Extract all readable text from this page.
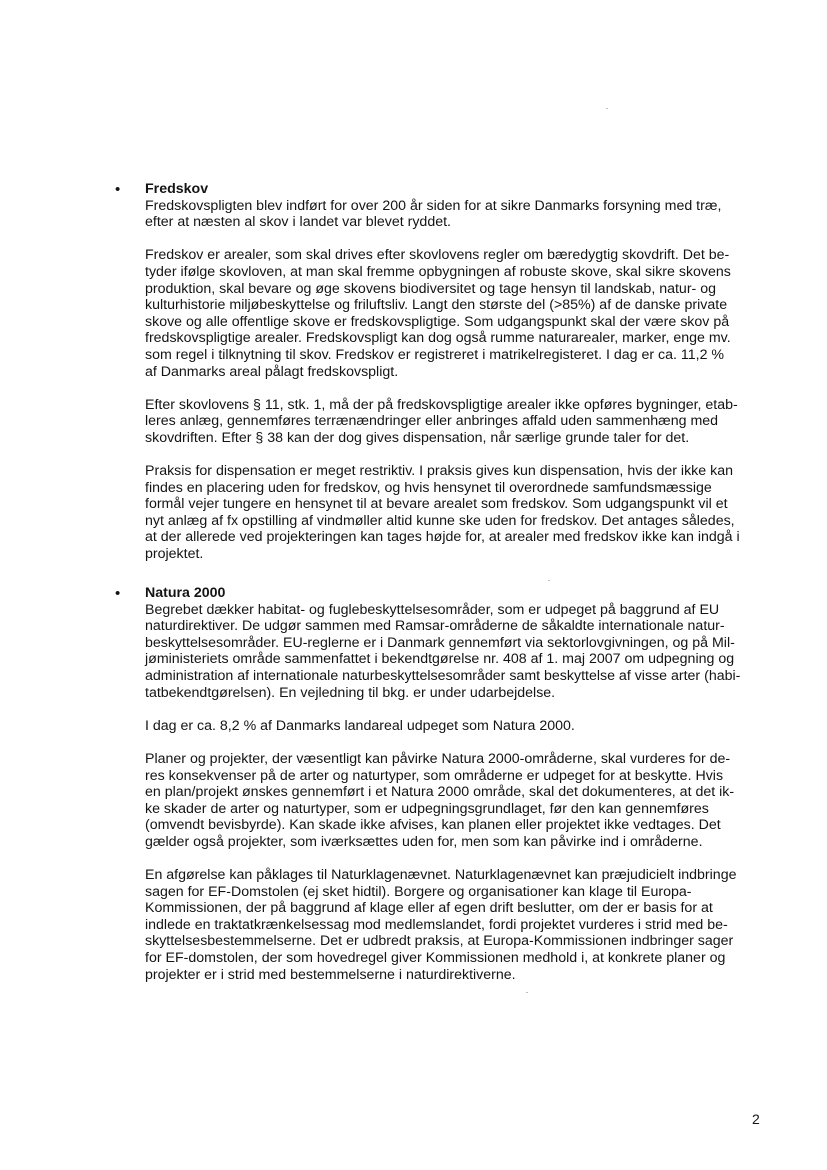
• Fredskov

Fredskovspligten blev indført for over 200 år siden for at sikre Danmarks forsyning med træ,
efter at næsten al skov i landet var blevet ryddet.

Fredskov er arealer, som skal drives efter skovlovens regler om bæredygtig skovdrift. Det be-
tyder ifølge skovloven, at man skal fremme opbygningen af robuste skove, skal sikre skovens
produktion, skal bevare og øge skovens biodiversitet og tage hensyn til landskab, natur- og
kulturhistorie miljøbeskyttelse og friluftsliv. Langt den største del (>85%) af de danske private
skove og alle offentlige skove er fredskovspligtige. Som udgangspunkt skal der være skov på
fredskovspligtige arealer. Fredskovspligt kan dog også rumme naturarealer, marker, enge mv.
som regel i tilknytning til skov. Fredskov er registreret i matrikelregisteret. I dag er ca. 11,2 %
af Danmarks areal pålagt fredskovspligt.

Efter skovlovens § 11, stk. 1, må der på fredskovspligtige arealer ikke opføres bygninger, etab-
leres anlæg, gennemføres terrænændringer eller anbringes affald uden sammenhæng med
skovdriften. Efter § 38 kan der dog gives dispensation, når særlige grunde taler for det.

Praksis for dispensation er meget restriktiv. I praksis gives kun dispensation, hvis der ikke kan
findes en placering uden for fredskov, og hvis hensynet til overordnede samfundsmæssige
formål vejer tungere en hensynet til at bevare arealet som fredskov. Som udgangspunkt vil et
nyt anlæg af fx opstilling af vindmøller altid kunne ske uden for fredskov. Det antages således,
at der allerede ved projekteringen kan tages højde for, at arealer med fredskov ikke kan indgå i
projektet.

• Natura 2000

Begrebet dækker habitat- og fuglebeskyttelsesområder, som er udpeget på baggrund af EU
naturdirektiver. De udgør sammen med Ramsar-områderne de såkaldte internationale natur-
beskyttelsesområder. EU-reglerne er i Danmark gennemført via sektorlovgivningen, og på Mil-
jøministeriets område sammenfattet i bekendtgørelse nr. 408 af 1. maj 2007 om udpegning og
administration af internationale naturbeskyttelsesområder samt beskyttelse af visse arter (habi-
tatbekendtgørelsen). En vejledning til bkg. er under udarbejdelse.

I dag er ca. 8,2 % af Danmarks landareal udpeget som Natura 2000.

Planer og projekter, der væsentligt kan påvirke Natura 2000-områderne, skal vurderes for de-
res konsekvenser på de arter og naturtyper, som områderne er udpeget for at beskytte. Hvis
en plan/projekt ønskes gennemført i et Natura 2000 område, skal det dokumenteres, at det ik-
ke skader de arter og naturtyper, som er udpegningsgrundlaget, før den kan gennemføres
(omvendt bevisbyrde). Kan skade ikke afvises, kan planen eller projektet ikke vedtages. Det
gælder også projekter, som iværksættes uden for, men som kan påvirke ind i områderne.

En afgørelse kan påklages til Naturklagenævnet. Naturklagenævnet kan præjudicielt indbringe
sagen for EF-Domstolen (ej sket hidtil). Borgere og organisationer kan klage til Europa-
Kommissionen, der på baggrund af klage eller af egen drift beslutter, om der er basis for at
indlede en traktatkrænkelsessag mod medlemslandet, fordi projektet vurderes i strid med be-
skyttelsesbestemmelserne. Det er udbredt praksis, at Europa-Kommissionen indbringer sager
for EF-domstolen, der som hovedregel giver Kommissionen medhold i, at konkrete planer og
projekter er i strid med bestemmelserne i naturdirektiverne.

2
